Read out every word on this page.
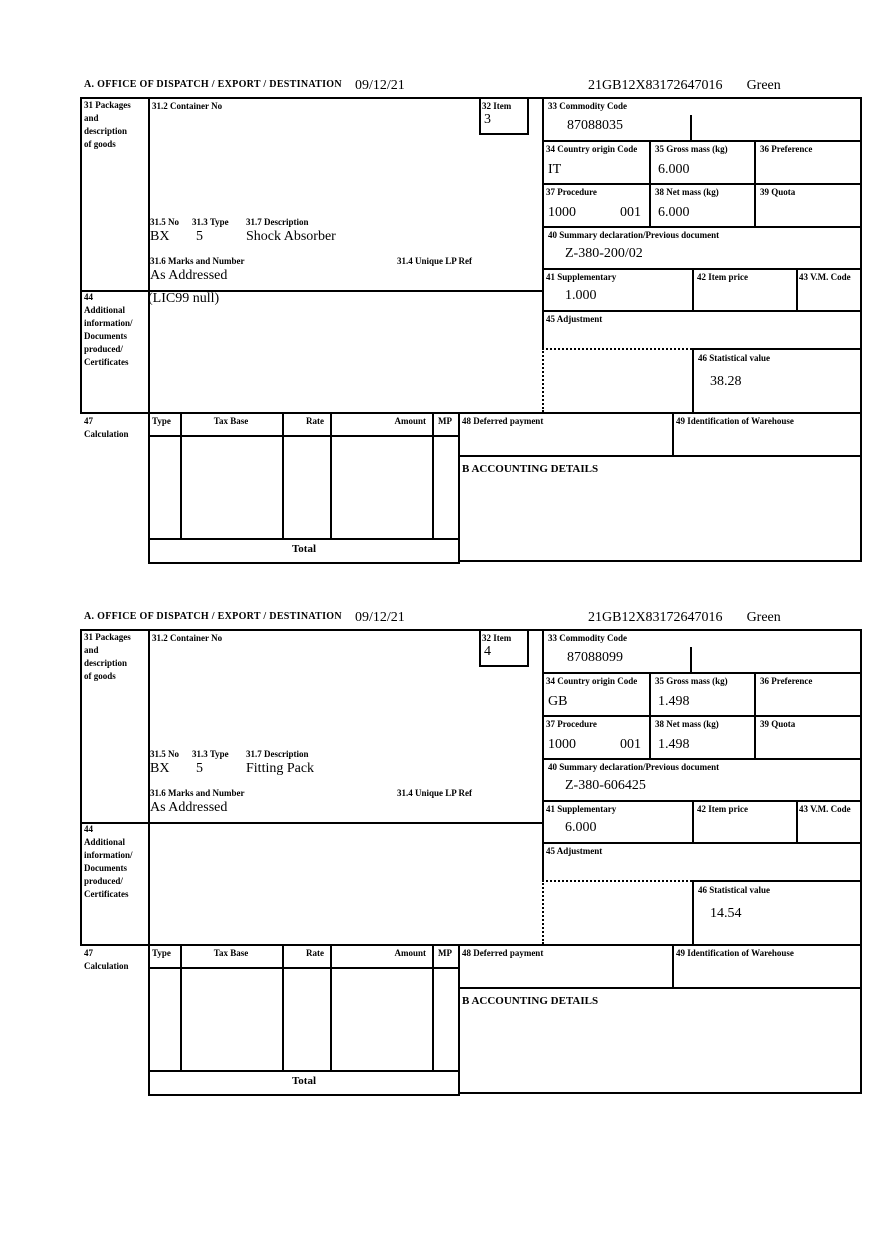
A. OFFICE OF DISPATCH / EXPORT / DESTINATION 09/12/21	21GB12X83172647016 Green
31 Packages
and
description
of goods
31.2 Container No	32 Item
3
33 Commodity Code
87088035
34 Country origin Code
IT
35 Gross mass (kg)
6.000
36 Preference
37 Procedure
1000	001
38 Net mass (kg)
6.000
39 Quota
40 Summary declaration/Previous document
Z-380-200/02
41 Supplementary
1.000
42 Item price	43 V.M. Code
45 Adjustment
46 Statistical value
38.28
31.5 No 31.3 Type 31.7 Description
BX 5	Shock Absorber
31.6 Marks and Number	31.4 Unique LP Ref
As Addressed
44
Additional
information/
Documents
produced/
Certificates
(LIC99 null)
47
Calculation
Type	Tax Base	Rate	Amount	MP
Total
48 Deferred payment	49 Identification of Warehouse
B ACCOUNTING DETAILS
A. OFFICE OF DISPATCH / EXPORT / DESTINATION 09/12/21	21GB12X83172647016 Green
31 Packages
and
description
of goods
31.2 Container No	32 Item
4
33 Commodity Code
87088099
34 Country origin Code
GB
35 Gross mass (kg)
1.498
36 Preference
37 Procedure
1000	001
38 Net mass (kg)
1.498
39 Quota
40 Summary declaration/Previous document
Z-380-606425
41 Supplementary
6.000
42 Item price	43 V.M. Code
45 Adjustment
46 Statistical value
14.54
31.5 No 31.3 Type 31.7 Description
BX 5	Fitting Pack
31.6 Marks and Number	31.4 Unique LP Ref
As Addressed
44
Additional
information/
Documents
produced/
Certificates
47
Calculation
Type	Tax Base	Rate	Amount	MP
Total
48 Deferred payment	49 Identification of Warehouse
B ACCOUNTING DETAILS
